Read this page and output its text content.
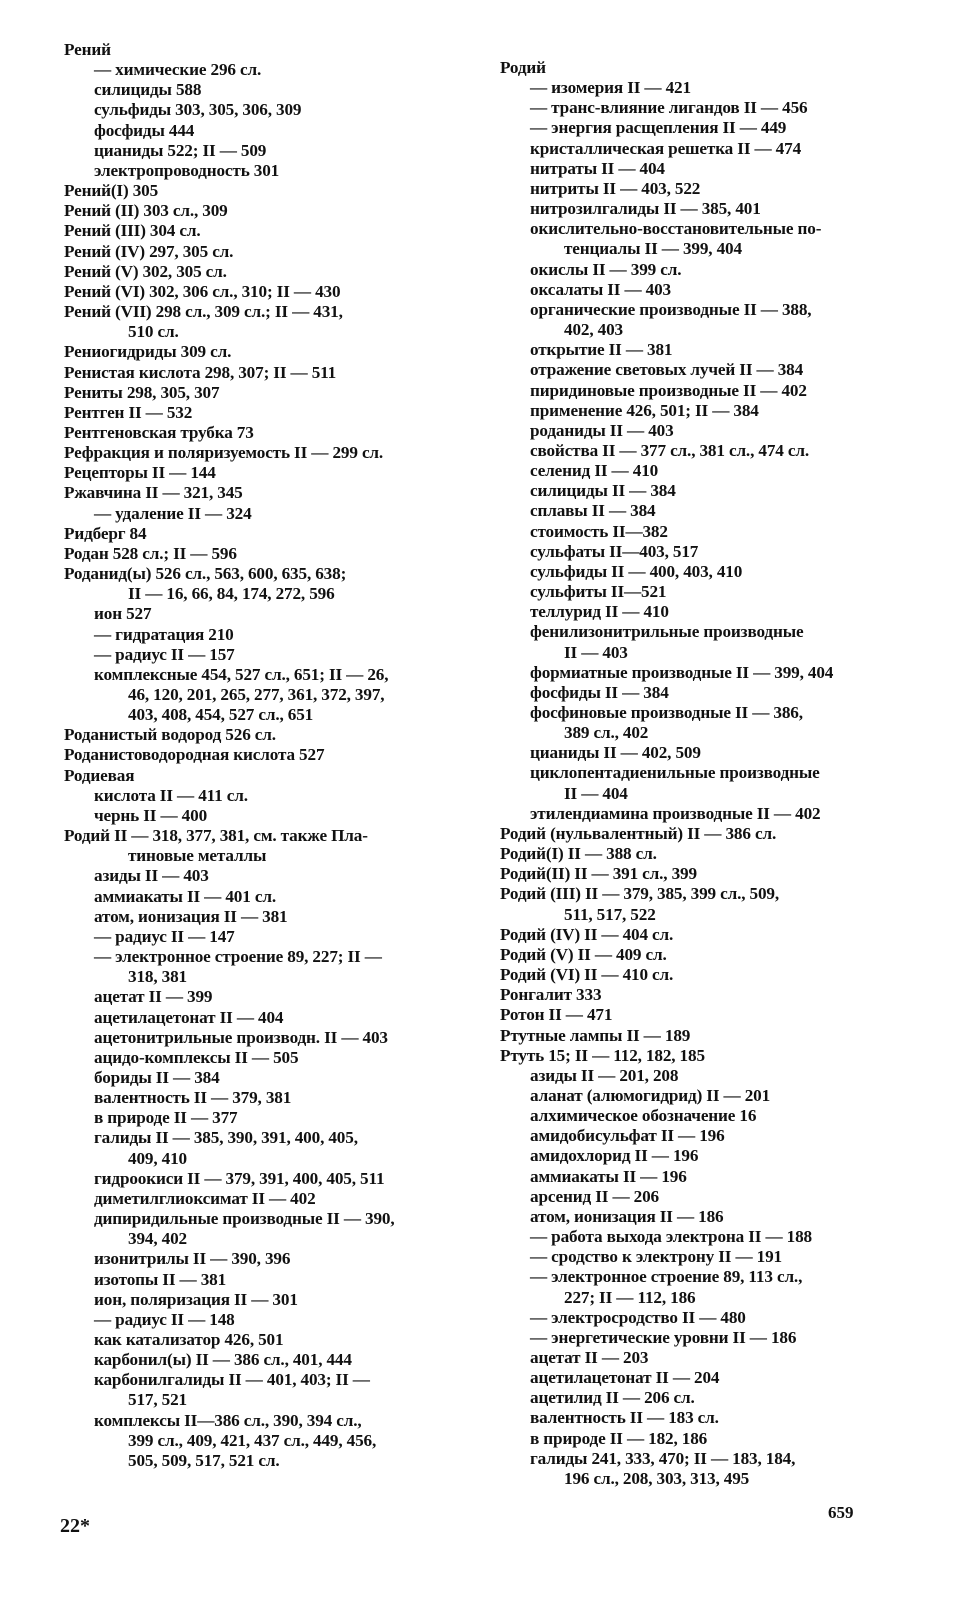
Рений
— химические 296 сл.
силициды 588
сульфиды 303, 305, 306, 309
фосфиды 444
цианиды 522; II — 509
электропроводность 301
Рений(I) 305
Рений (II) 303 сл., 309
Рений (III) 304 сл.
Рений (IV) 297, 305 сл.
Рений (V) 302, 305 сл.
Рений (VI) 302, 306 сл., 310; II — 430
Рений (VII) 298 сл., 309 сл.; II — 431,
510 сл.
Рениогидриды 309 сл.
Ренистая кислота 298, 307; II — 511
Рениты 298, 305, 307
Рентген II — 532
Рентгеновская трубка 73
Рефракция и поляризуемость II — 299 сл.
Рецепторы II — 144
Ржавчина II — 321, 345
— удаление II — 324
Ридберг 84
Родан 528 сл.; II — 596
Роданид(ы) 526 сл., 563, 600, 635, 638;
II — 16, 66, 84, 174, 272, 596
ион 527
— гидратация 210
— радиус II — 157
комплексные 454, 527 сл., 651; II — 26,
46, 120, 201, 265, 277, 361, 372, 397,
403, 408, 454, 527 сл., 651
Роданистый водород 526 сл.
Роданистоводородная кислота 527
Родиевая
кислота II — 411 сл.
чернь II — 400
Родий II — 318, 377, 381, см. также Пла-
тиновые металлы
азиды II — 403
аммиакаты II — 401 сл.
атом, ионизация II — 381
— радиус II — 147
— электронное строение 89, 227; II —
318, 381
ацетат II — 399
ацетилацетонат II — 404
ацетонитрильные производн. II — 403
ацидо-комплексы II — 505
бориды II — 384
валентность II — 379, 381
в природе II — 377
галиды II — 385, 390, 391, 400, 405,
409, 410
гидроокиси II — 379, 391, 400, 405, 511
диметилглиоксимат II — 402
дипиридильные производные II — 390,
394, 402
изонитрилы II — 390, 396
изотопы II — 381
ион, поляризация II — 301
— радиус II — 148
как катализатор 426, 501
карбонил(ы) II — 386 сл., 401, 444
карбонилгалиды II — 401, 403; II —
517, 521
комплексы II—386 сл., 390, 394 сл.,
399 сл., 409, 421, 437 сл., 449, 456,
505, 509, 517, 521 сл.
Родий
— изомерия II — 421
— транс-влияние лигандов II — 456
— энергия расщепления II — 449
кристаллическая решетка II — 474
нитраты II — 404
нитриты II — 403, 522
нитрозилгалиды II — 385, 401
окислительно-восстановительные по-
тенциалы II — 399, 404
окислы II — 399 сл.
оксалаты II — 403
органические производные II — 388,
402, 403
открытие II — 381
отражение световых лучей II — 384
пиридиновые производные II — 402
применение 426, 501; II — 384
роданиды II — 403
свойства II — 377 сл., 381 сл., 474 сл.
селенид II — 410
силициды II — 384
сплавы II — 384
стоимость II—382
сульфаты II—403, 517
сульфиды II — 400, 403, 410
сульфиты II—521
теллурид II — 410
фенилизонитрильные производные
II — 403
формиатные производные II — 399, 404
фосфиды II — 384
фосфиновые производные II — 386,
389 сл., 402
цианиды II — 402, 509
циклопентадиенильные производные
II — 404
этилендиамина производные II — 402
Родий (нульвалентный) II — 386 сл.
Родий(I) II — 388 сл.
Родий(II) II — 391 сл., 399
Родий (III) II — 379, 385, 399 сл., 509,
511, 517, 522
Родий (IV) II — 404 сл.
Родий (V) II — 409 сл.
Родий (VI) II — 410 сл.
Ронгалит 333
Ротон II — 471
Ртутные лампы II — 189
Ртуть 15; II — 112, 182, 185
азиды II — 201, 208
аланат (алюмогидрид) II — 201
алхимическое обозначение 16
амидобисульфат II — 196
амидохлорид II — 196
аммиакаты II — 196
арсенид II — 206
атом, ионизация II — 186
— работа выхода электрона II — 188
— сродство к электрону II — 191
— электронное строение 89, 113 сл.,
227; II — 112, 186
— электросродство II — 480
— энергетические уровни II — 186
ацетат II — 203
ацетилацетонат II — 204
ацетилид II — 206 сл.
валентность II — 183 сл.
в природе II — 182, 186
галиды 241, 333, 470; II — 183, 184,
196 сл., 208, 303, 313, 495
22*
659
